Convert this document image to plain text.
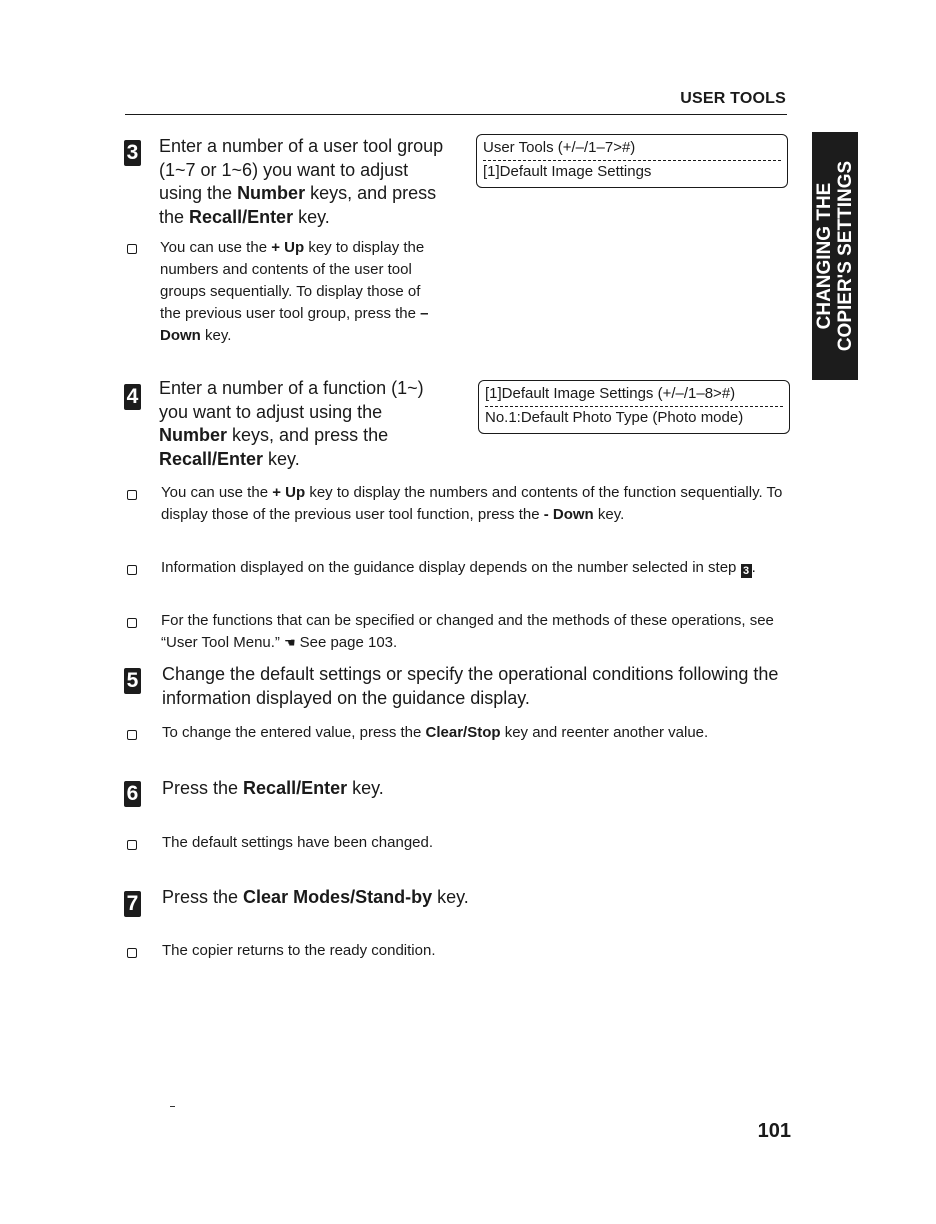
USER TOOLS
CHANGING THE COPIER'S SETTINGS
3 Enter a number of a user tool group (1~7 or 1~6) you want to adjust using the Number keys, and press the Recall/Enter key.
User Tools (+/–/1–7>#)
[1]Default Image Settings
You can use the + Up key to display the numbers and contents of the user tool groups sequentially. To display those of the previous user tool group, press the – Down key.
4 Enter a number of a function (1~) you want to adjust using the Number keys, and press the Recall/Enter key.
[1]Default Image Settings (+/–/1–8>#)
No.1:Default Photo Type (Photo mode)
You can use the + Up key to display the numbers and contents of the function sequentially. To display those of the previous user tool function, press the - Down key.
Information displayed on the guidance display depends on the number selected in step 3 .
For the functions that can be specified or changed and the methods of these operations, see “User Tool Menu.” ☚ See page 103.
5 Change the default settings or specify the operational conditions following the information displayed on the guidance display.
To change the entered value, press the Clear/Stop key and reenter another value.
6 Press the Recall/Enter key.
The default settings have been changed.
7 Press the Clear Modes/Stand-by key.
The copier returns to the ready condition.
101
